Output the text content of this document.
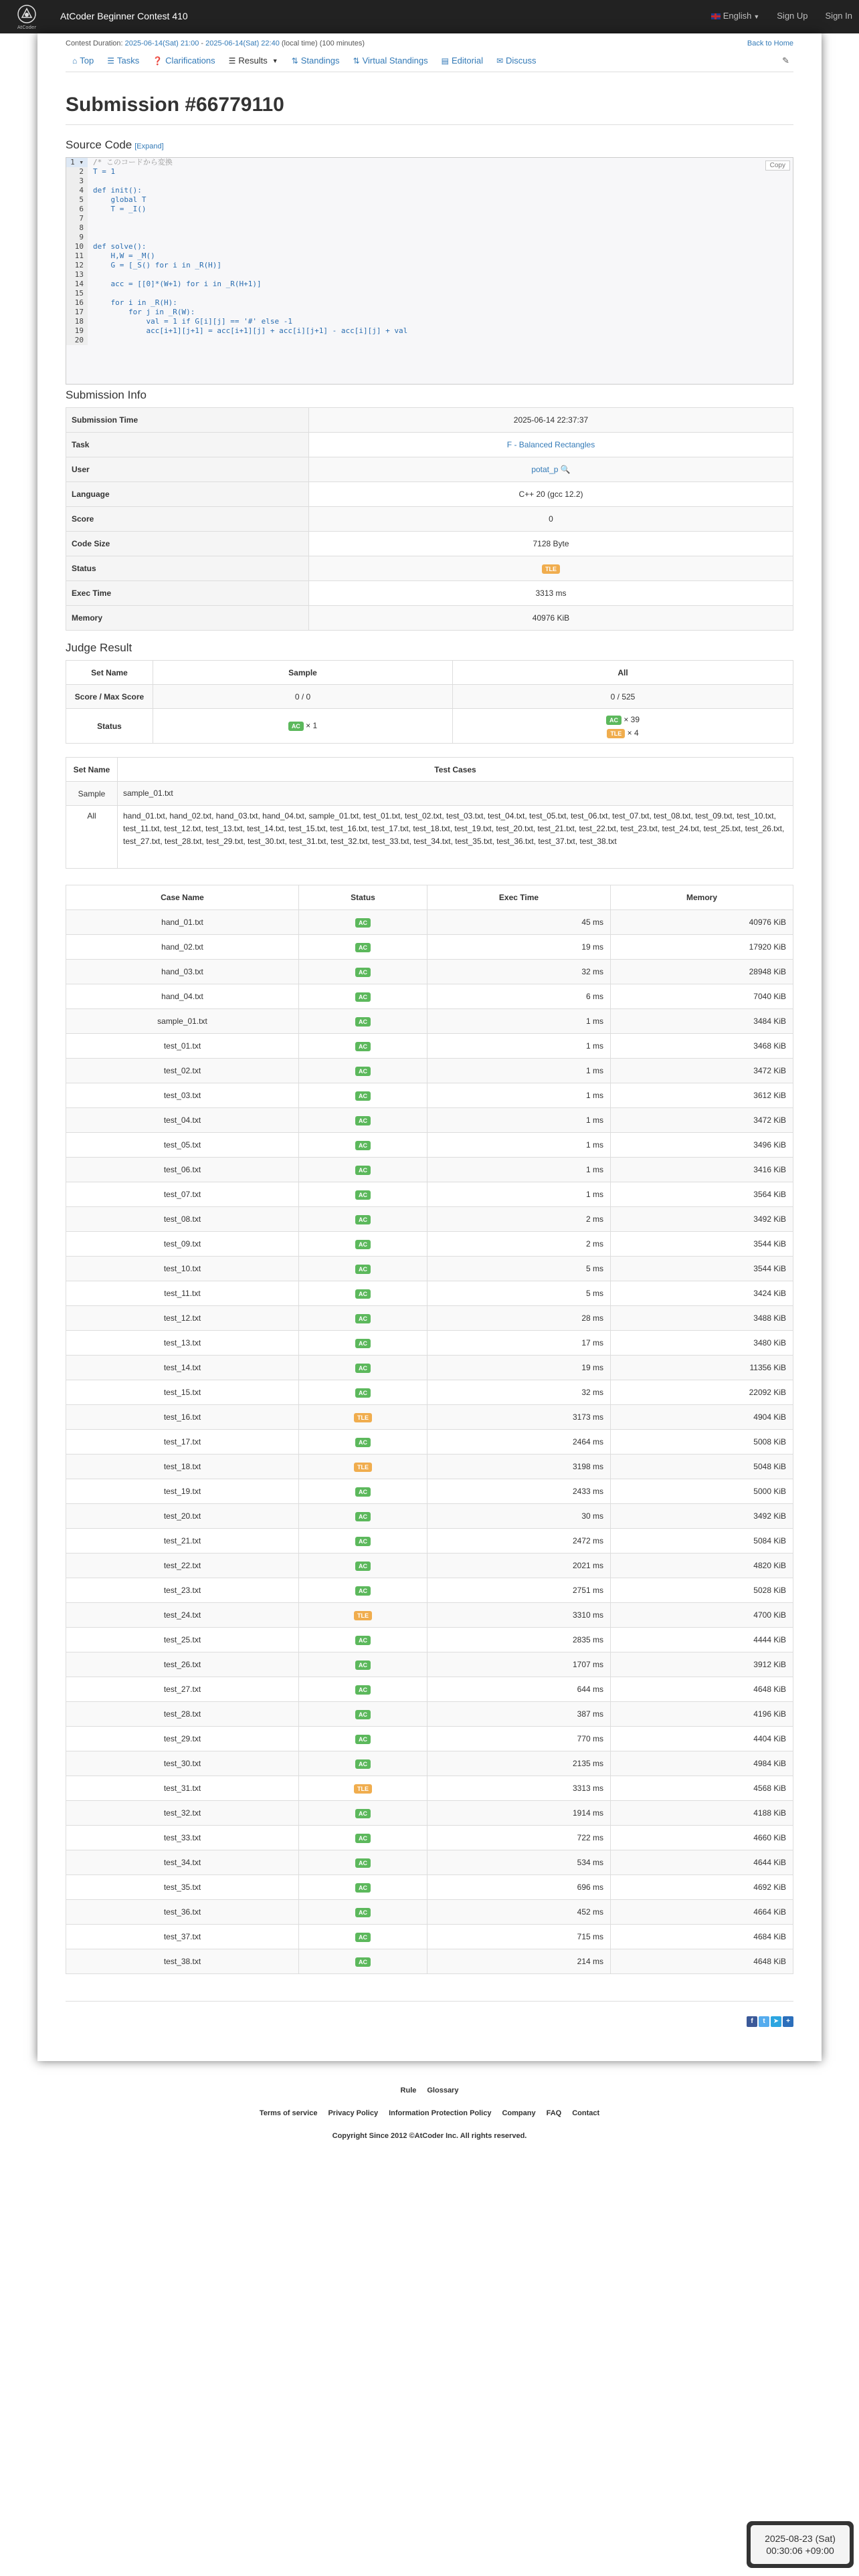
AtCoder
AtCoder Beginner Contest 410	English ▼ Sign Up Sign In
Contest Duration: 2025-06-14(Sat) 21:00 - 2025-06-14(Sat) 22:40 (local time) (100 minutes)	Back to Home
⌂ Top ☰ Tasks ❓ Clarifications ☰ Results ▼ ⇅ Standings ⇅ Virtual Standings ▤ Editorial ✉ Discuss	✎
Submission #66779110
Source Code [Expand]
Copy
1 ▾	/* このコードから変換
2	T = 1
3
4	def init():
5	global T
6	T = _I()
7
8
9
10	def solve():
11	H,W = _M()
12	G = [_S() for i in _R(H)]
13
14	acc = [[0]*(W+1) for i in _R(H+1)]
15
16	for i in _R(H):
17	for j in _R(W):
18	val = 1 if G[i][j] == '#' else -1
19	acc[i+1][j+1] = acc[i+1][j] + acc[i][j+1] - acc[i][j] + val
20
Submission Info
Submission Time	2025-06-14 22:37:37
Task	F - Balanced Rectangles
User	potat_p 🔍
Language	C++ 20 (gcc 12.2)
Score	0
Code Size	7128 Byte
Status	TLE
Exec Time	3313 ms
Memory	40976 KiB
Judge Result
Set Name	Sample	All
Score / Max Score	0 / 0	0 / 525
Status	AC × 1	AC × 39
TLE × 4
Set Name	Test Cases
Sample	sample_01.txt
All	hand_01.txt, hand_02.txt, hand_03.txt, hand_04.txt, sample_01.txt, test_01.txt, test_02.txt, test_03.txt, test_04.txt, test_05.txt, test_06.txt, test_07.txt, test_08.txt, test_09.txt, test_10.txt, test_11.txt, test_12.txt, test_13.txt, test_14.txt, test_15.txt, test_16.txt, test_17.txt, test_18.txt, test_19.txt, test_20.txt, test_21.txt, test_22.txt, test_23.txt, test_24.txt, test_25.txt, test_26.txt, test_27.txt, test_28.txt, test_29.txt, test_30.txt, test_31.txt, test_32.txt, test_33.txt, test_34.txt, test_35.txt, test_36.txt, test_37.txt, test_38.txt
Case Name	Status	Exec Time	Memory
hand_01.txt	AC	45 ms	40976 KiB
hand_02.txt	AC	19 ms	17920 KiB
hand_03.txt	AC	32 ms	28948 KiB
hand_04.txt	AC	6 ms	7040 KiB
sample_01.txt	AC	1 ms	3484 KiB
test_01.txt	AC	1 ms	3468 KiB
test_02.txt	AC	1 ms	3472 KiB
test_03.txt	AC	1 ms	3612 KiB
test_04.txt	AC	1 ms	3472 KiB
test_05.txt	AC	1 ms	3496 KiB
test_06.txt	AC	1 ms	3416 KiB
test_07.txt	AC	1 ms	3564 KiB
test_08.txt	AC	2 ms	3492 KiB
test_09.txt	AC	2 ms	3544 KiB
test_10.txt	AC	5 ms	3544 KiB
test_11.txt	AC	5 ms	3424 KiB
test_12.txt	AC	28 ms	3488 KiB
test_13.txt	AC	17 ms	3480 KiB
test_14.txt	AC	19 ms	11356 KiB
test_15.txt	AC	32 ms	22092 KiB
test_16.txt	TLE	3173 ms	4904 KiB
test_17.txt	AC	2464 ms	5008 KiB
test_18.txt	TLE	3198 ms	5048 KiB
test_19.txt	AC	2433 ms	5000 KiB
test_20.txt	AC	30 ms	3492 KiB
test_21.txt	AC	2472 ms	5084 KiB
test_22.txt	AC	2021 ms	4820 KiB
test_23.txt	AC	2751 ms	5028 KiB
test_24.txt	TLE	3310 ms	4700 KiB
test_25.txt	AC	2835 ms	4444 KiB
test_26.txt	AC	1707 ms	3912 KiB
test_27.txt	AC	644 ms	4648 KiB
test_28.txt	AC	387 ms	4196 KiB
test_29.txt	AC	770 ms	4404 KiB
test_30.txt	AC	2135 ms	4984 KiB
test_31.txt	TLE	3313 ms	4568 KiB
test_32.txt	AC	1914 ms	4188 KiB
test_33.txt	AC	722 ms	4660 KiB
test_34.txt	AC	534 ms	4644 KiB
test_35.txt	AC	696 ms	4692 KiB
test_36.txt	AC	452 ms	4664 KiB
test_37.txt	AC	715 ms	4684 KiB
test_38.txt	AC	214 ms	4648 KiB
f	t	➤	+
Rule Glossary
Terms of service Privacy Policy Information Protection Policy Company FAQ Contact
Copyright Since 2012 ©AtCoder Inc. All rights reserved.
2025-08-23 (Sat)
00:30:06 +09:00
